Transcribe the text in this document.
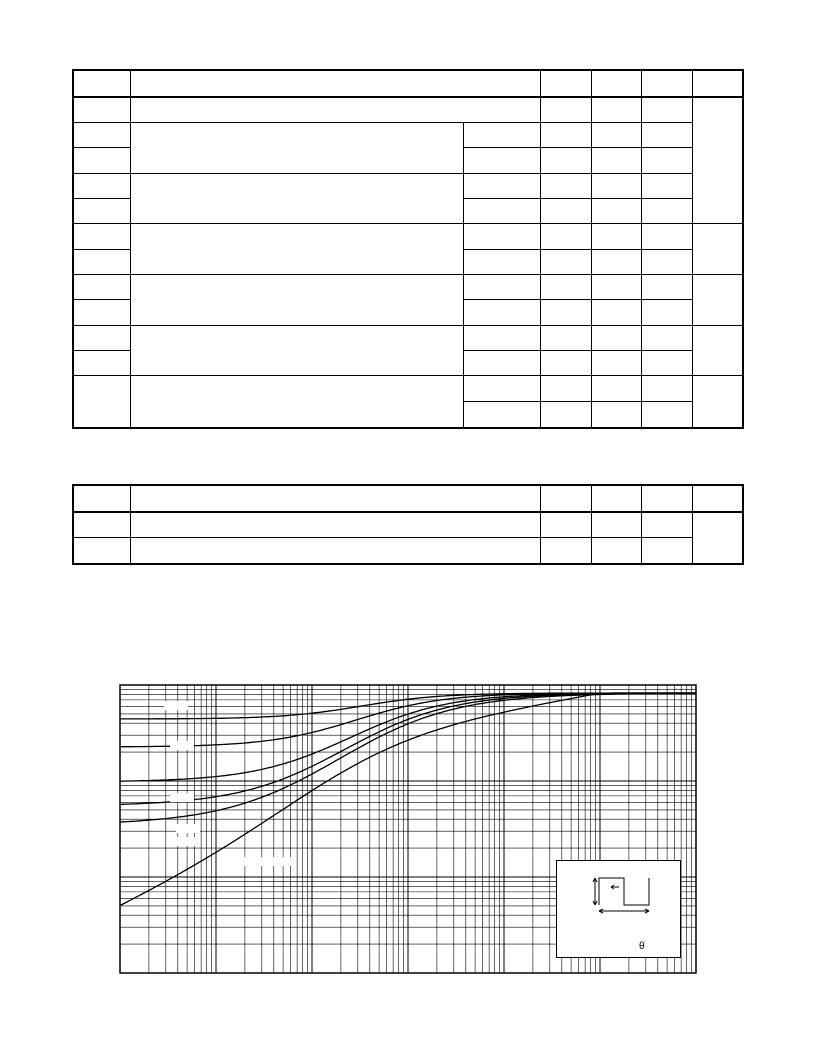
θ
